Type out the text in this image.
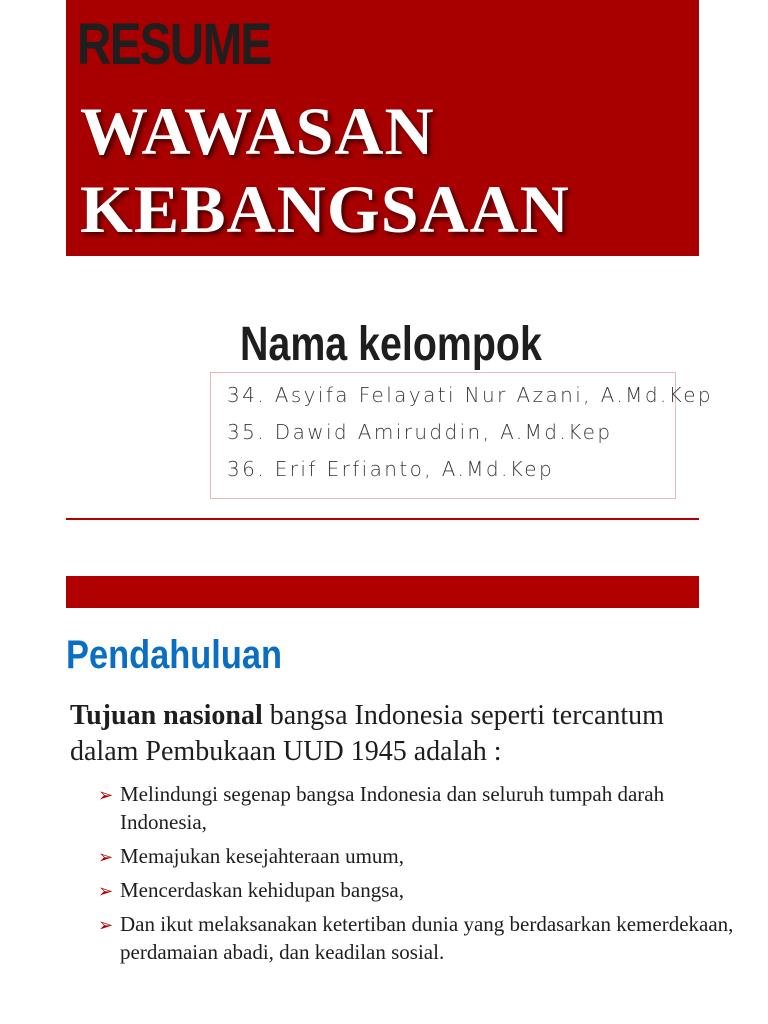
RESUME
WAWASAN
KEBANGSAAN
Nama kelompok
34. Asyifa Felayati Nur Azani, A.Md.Kep
35. Dawid Amiruddin, A.Md.Kep
36. Erif Erfianto, A.Md.Kep
Pendahuluan
Tujuan nasional bangsa Indonesia seperti tercantum dalam Pembukaan UUD 1945 adalah :
➢ Melindungi segenap bangsa Indonesia dan seluruh tumpah darah Indonesia,
➢ Memajukan kesejahteraan umum,
➢ Mencerdaskan kehidupan bangsa,
➢ Dan ikut melaksanakan ketertiban dunia yang berdasarkan kemerdekaan, perdamaian abadi, dan keadilan sosial.
